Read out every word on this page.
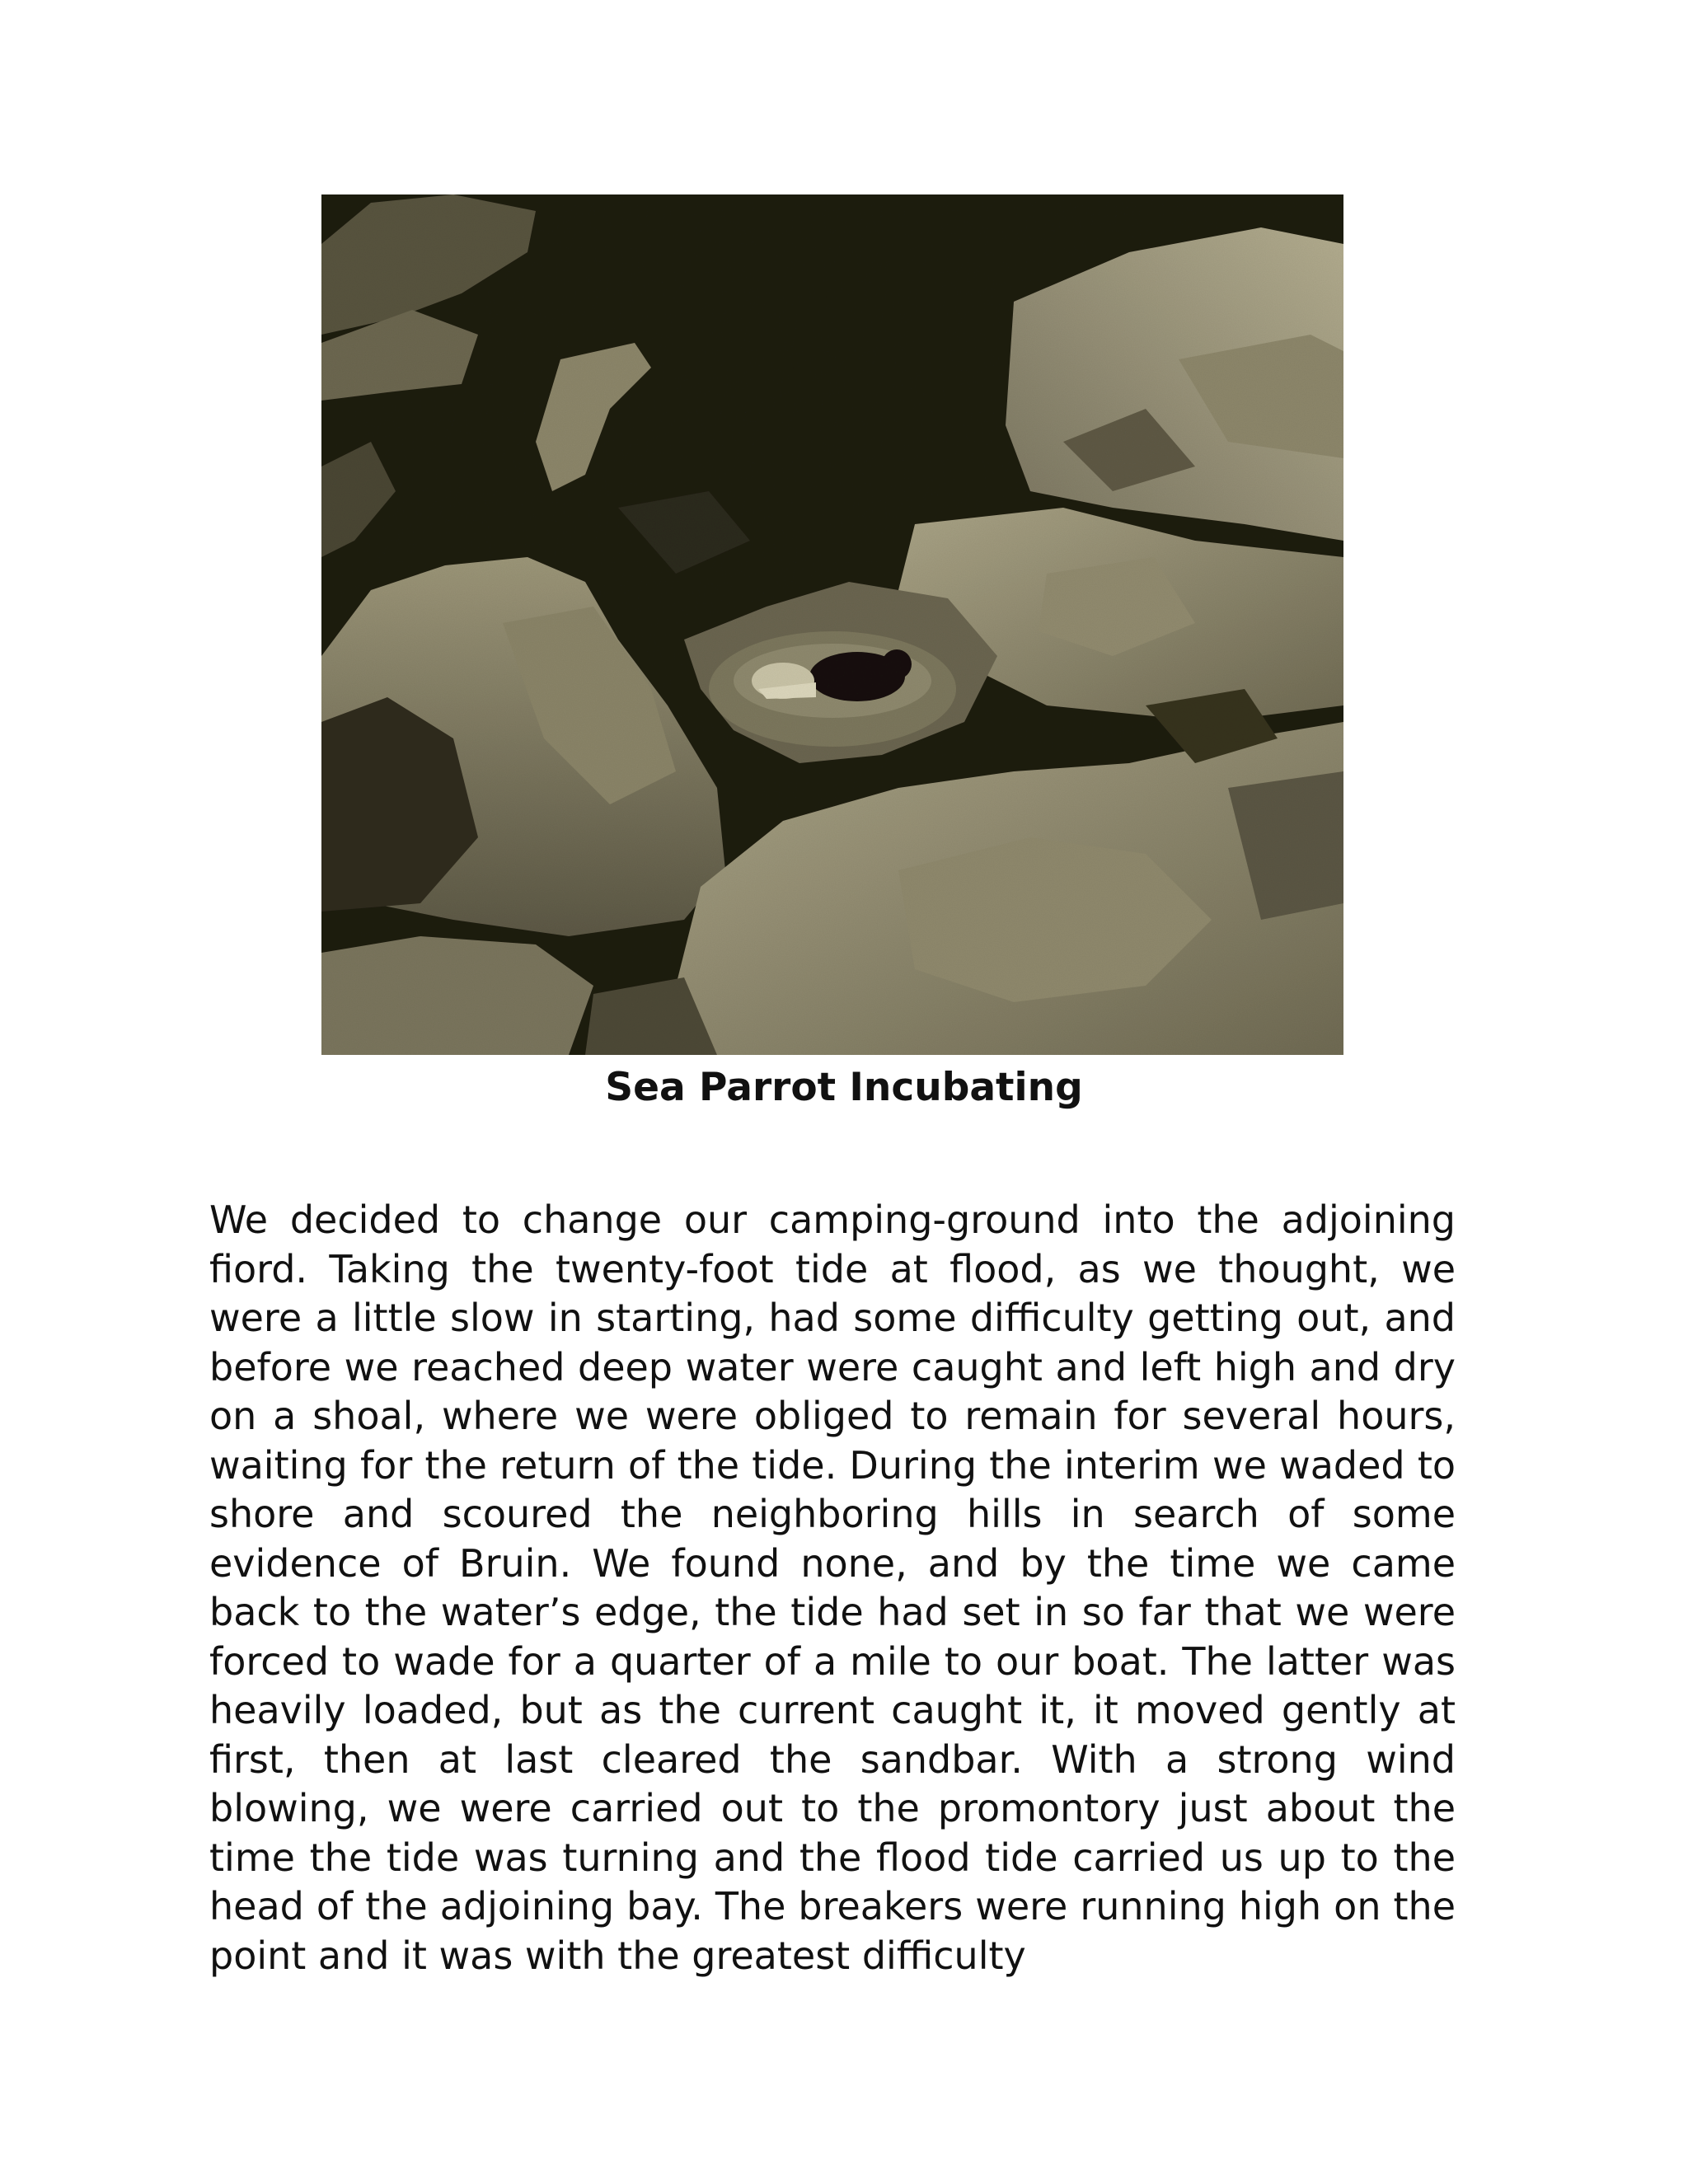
Sea Parrot Incubating

We decided to change our camping-ground into the adjoining fiord. Taking the twenty-foot tide at flood, as we thought, we were a little slow in starting, had some difficulty getting out, and before we reached deep water were caught and left high and dry on a shoal, where we were obliged to remain for several hours, waiting for the return of the tide. During the interim we waded to shore and scoured the neighboring hills in search of some evidence of Bruin. We found none, and by the time we came back to the water’s edge, the tide had set in so far that we were forced to wade for a quarter of a mile to our boat. The latter was heavily loaded, but as the current caught it, it moved gently at first, then at last cleared the sandbar. With a strong wind blowing, we were carried out to the promontory just about the time the tide was turning and the flood tide carried us up to the head of the adjoining bay. The breakers were running high on the point and it was with the greatest difficulty
